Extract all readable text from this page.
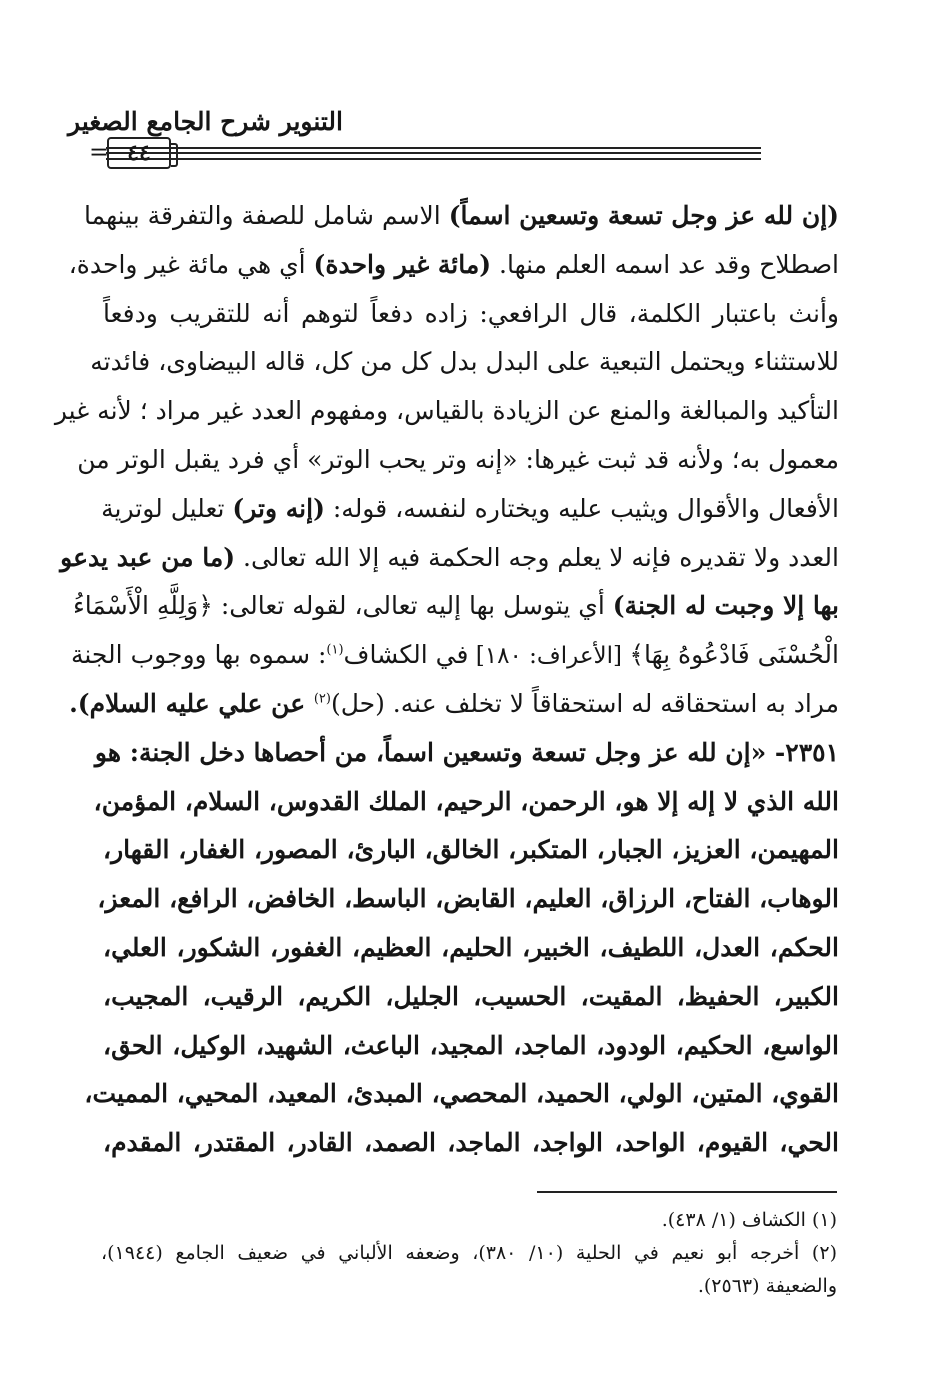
التنوير شرح الجامع الصغير
٤٤
=
(إن لله عز وجل تسعة وتسعين اسماً) الاسم شامل للصفة والتفرقة بينهما
اصطلاح وقد عد اسمه العلم منها. (مائة غير واحدة) أي هي مائة غير واحدة،
وأنث باعتبار الكلمة، قال الرافعي: زاده دفعاً لتوهم أنه للتقريب ودفعاً
للاستثناء ويحتمل التبعية على البدل بدل كل من كل، قاله البيضاوى، فائدته
التأكيد والمبالغة والمنع عن الزيادة بالقياس، ومفهوم العدد غير مراد ؛ لأنه غير
معمول به؛ ولأنه قد ثبت غيرها: «إنه وتر يحب الوتر» أي فرد يقبل الوتر من
الأفعال والأقوال ويثيب عليه ويختاره لنفسه، قوله: (إنه وتر) تعليل لوترية
العدد ولا تقديره فإنه لا يعلم وجه الحكمة فيه إلا الله تعالى. (ما من عبد يدعو
بها إلا وجبت له الجنة) أي يتوسل بها إليه تعالى، لقوله تعالى: ﴿وَلِلَّهِ الْأَسْمَاءُ
الْحُسْنَى فَادْعُوهُ بِهَا﴾ [الأعراف: ١٨٠] في الكشاف$^{(١)}$: سموه بها ووجوب الجنة
مراد به استحقاقه له استحقاقاً لا تخلف عنه. (حل)$^{(٢)}$ عن علي عليه السلام).
٢٣٥١- «إن لله عز وجل تسعة وتسعين اسماً، من أحصاها دخل الجنة: هو
الله الذي لا إله إلا هو، الرحمن، الرحيم، الملك القدوس، السلام، المؤمن،
المهيمن، العزيز، الجبار، المتكبر، الخالق، البارئ، المصور، الغفار، القهار،
الوهاب، الفتاح، الرزاق، العليم، القابض، الباسط، الخافض، الرافع، المعز،
الحكم، العدل، اللطيف، الخبير، الحليم، العظيم، الغفور، الشكور، العلي،
الكبير، الحفيظ، المقيت، الحسيب، الجليل، الكريم، الرقيب، المجيب،
الواسع، الحكيم، الودود، الماجد، المجيد، الباعث، الشهيد، الوكيل، الحق،
القوي، المتين، الولي، الحميد، المحصي، المبدئ، المعيد، المحيي، المميت،
الحي، القيوم، الواحد، الواجد، الماجد، الصمد، القادر، المقتدر، المقدم،
(١) الكشاف (١/ ٤٣٨).
(٢) أخرجه أبو نعيم في الحلية (١٠/ ٣٨٠)، وضعفه الألباني في ضعيف الجامع (١٩٤٤)،
والضعيفة (٢٥٦٣).
